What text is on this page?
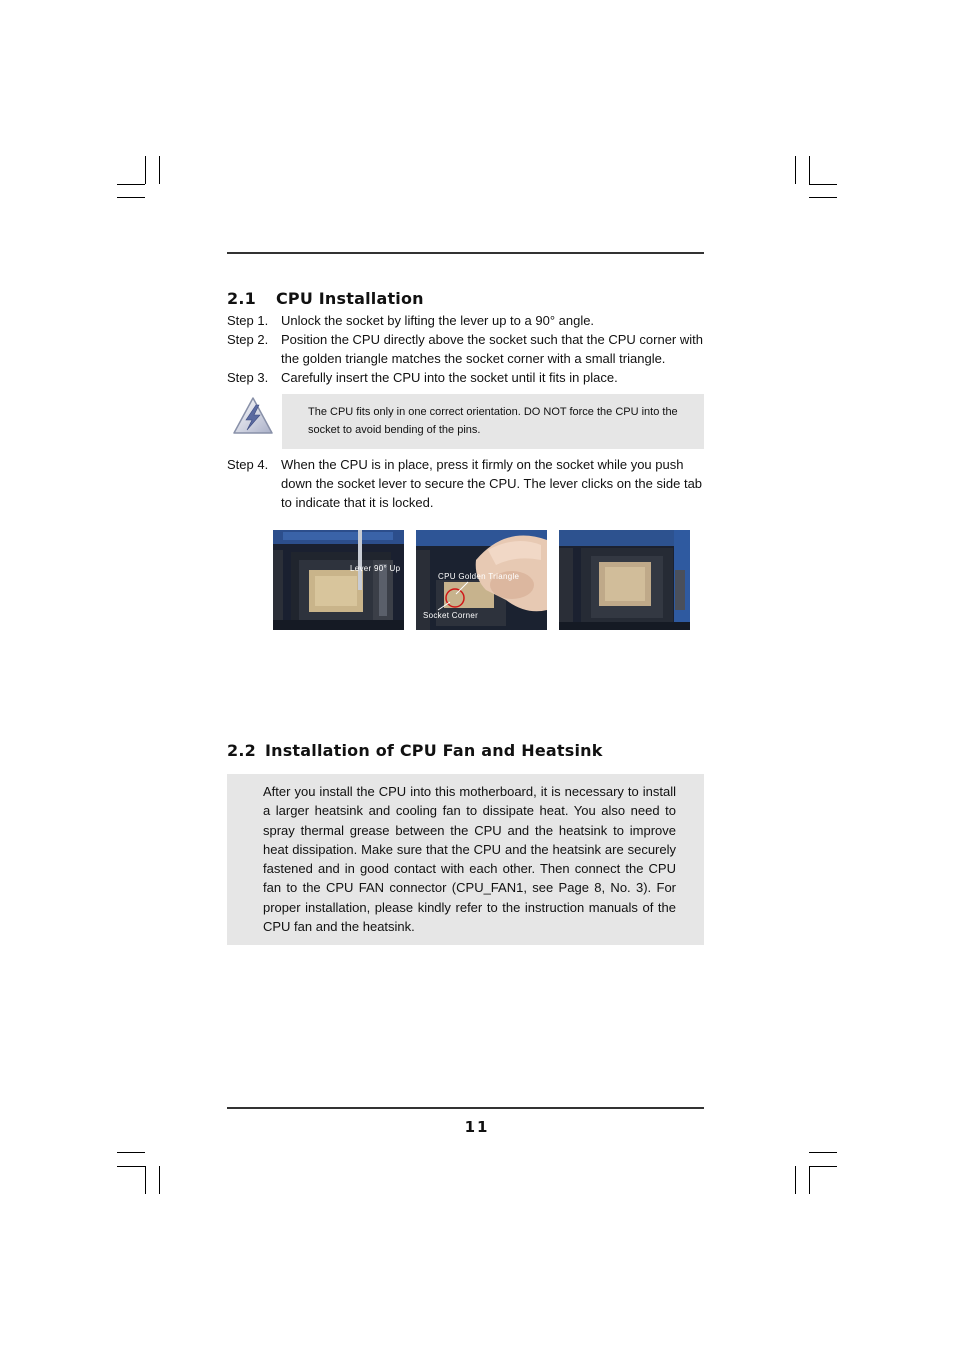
2.1 CPU Installation
Step 1. Unlock the socket by lifting the lever up to a 90° angle.
Step 2. Position the CPU directly above the socket such that the CPU corner with the golden triangle matches the socket corner with a small triangle.
Step 3. Carefully insert the CPU into the socket until it fits in place.
The CPU fits only in one correct orientation. DO NOT force the CPU into the socket to avoid bending of the pins.
Step 4. When the CPU is in place, press it firmly on the socket while you push down the socket lever to secure the CPU. The lever clicks on the side tab to indicate that it is locked.
Lever 90° Up
CPU Golden Triangle
Socket Corner
2.2 Installation of CPU Fan and Heatsink
After you install the CPU into this motherboard, it is necessary to install a larger heatsink and cooling fan to dissipate heat. You also need to spray thermal grease between the CPU and the heatsink to improve heat dissipation. Make sure that the CPU and the heatsink are securely fastened and in good contact with each other. Then connect the CPU fan to the CPU FAN connector (CPU_FAN1, see Page 8, No. 3). For proper installation, please kindly refer to the instruction manuals of the CPU fan and the heatsink.
11
